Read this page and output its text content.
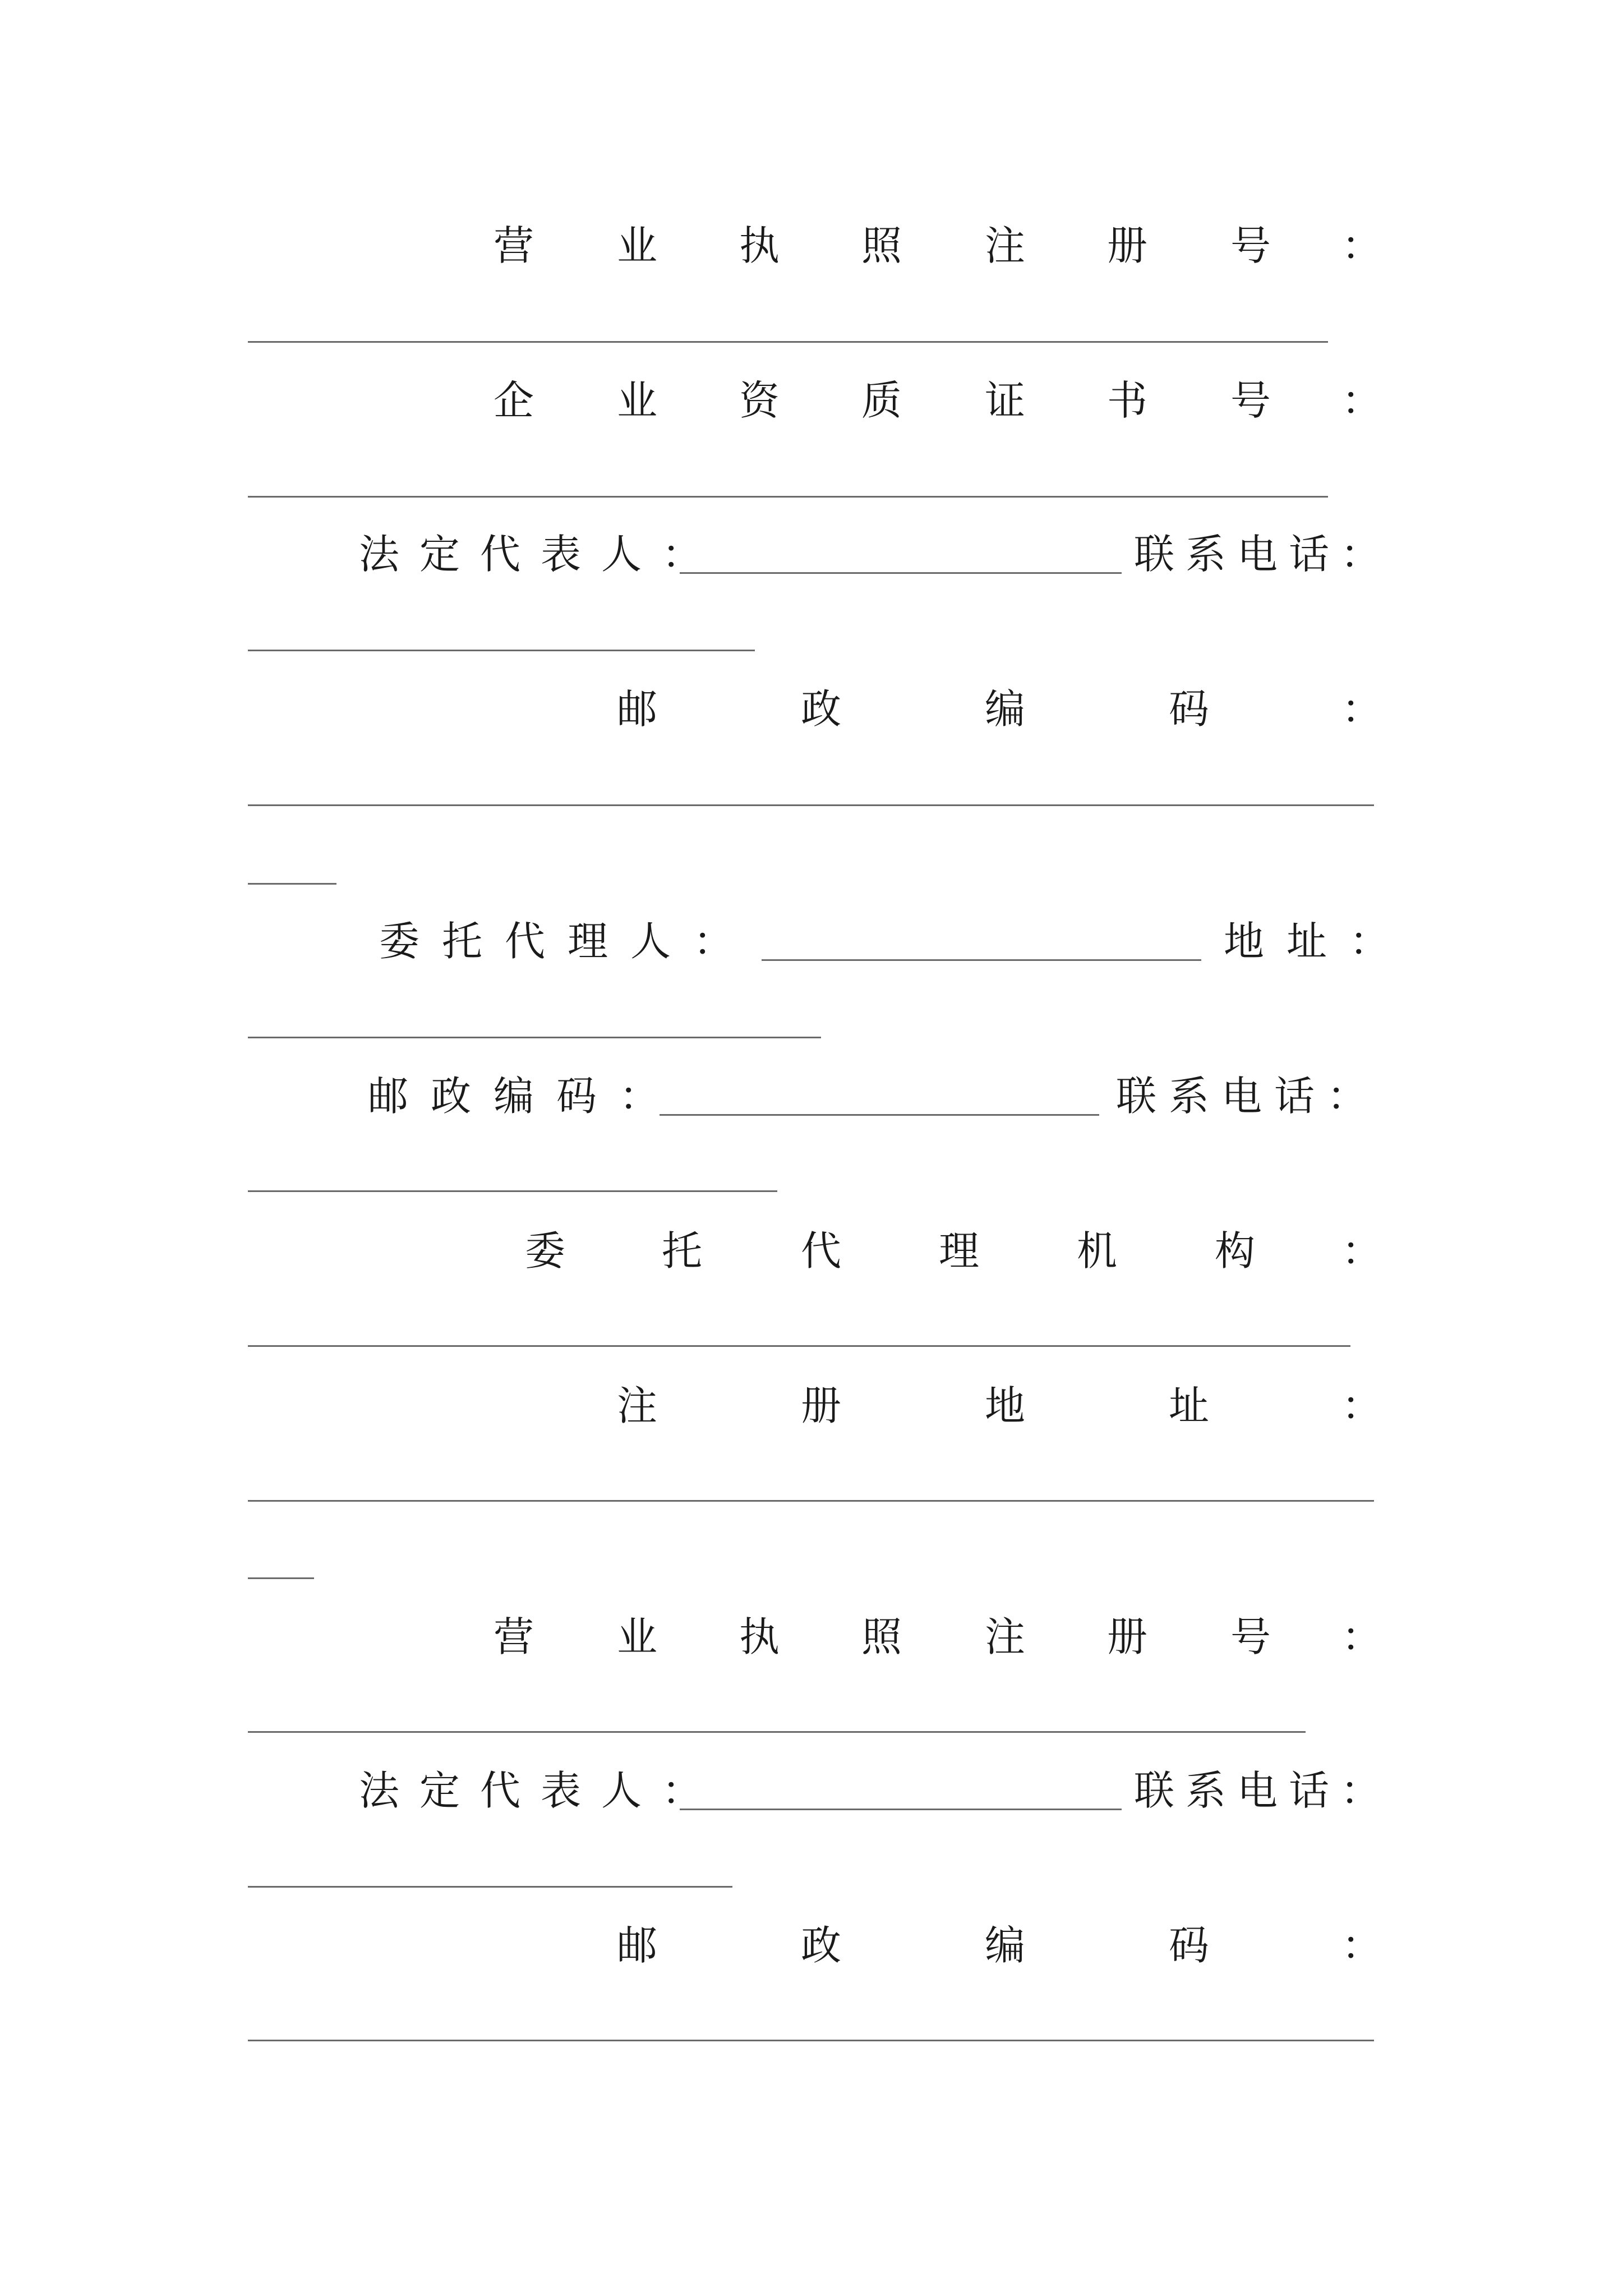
营 业 执 照 注 册 号 ：
企 业 资 质 证 书 号 ：
法定代表人：	联系电话：
邮	政	编	码	：
委托代理人：	地址：
邮政编码：	联系电话：
委 托 代 理 机 构 ：
注	册	地	址	：
营 业 执 照 注 册 号 ：
法定代表人：	联系电话：
邮	政	编	码	：
